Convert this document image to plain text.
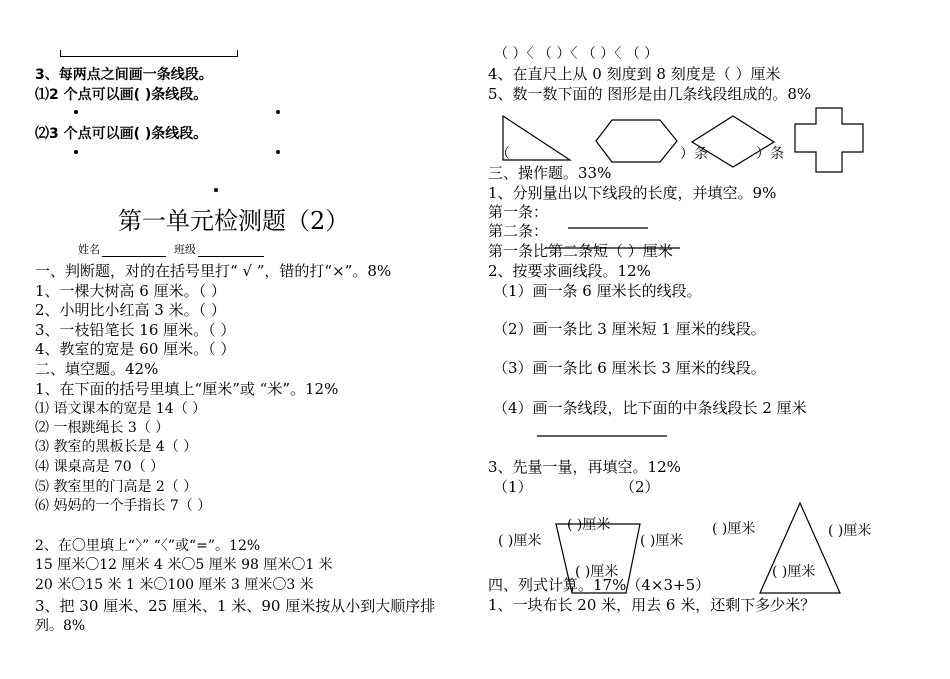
3、每两点之间画一条线段。
⑴2 个点可以画( )条线段。
⑵3 个点可以画( )条线段。
第一单元检测题（2）
姓名	班级
一、判断题，对的在括号里打“ √ ”，错的打“×”。8%
1、一棵大树高 6 厘米。（ ）
2、小明比小红高 3 米。（ ）
3、一枝铅笔长 16 厘米。（ ）
4、教室的宽是 60 厘米。（ ）
二、填空题。42%
1、在下面的括号里填上“厘米”或 “米”。12%
⑴ 语文课本的宽是 14（ ）
⑵ 一根跳绳长 3（ ）
⑶ 教室的黑板长是 4（ ）
⑷ 课桌高是 70（ ）
⑸ 教室里的门高是 2（ ）
⑹ 妈妈的一个手指长 7（ ）
2、在〇里填上“〉” “〈”或“=”。12%
15 厘米〇12 厘米 4 米〇5 厘米 98 厘米〇1 米
20 米〇15 米 1 米〇100 厘米 3 厘米〇3 米
3、把 30 厘米、25 厘米、1 米、90 厘米按从小到大顺序排
列。8%
（ ）〈 （ ）〈 （ ）〈 （ ）
4、在直尺上从 0 刻度到 8 刻度是（ ）厘米
5、数一数下面的 图形是由几条线段组成的。8%
（	）条	）条
三、操作题。33%
1、分别量出以下线段的长度，并填空。9%
第一条：
第二条：
第一条比第二条短（ ）厘米
2、按要求画线段。12%
（1）画一条 6 厘米长的线段。
（2）画一条比 3 厘米短 1 厘米的线段。
（3）画一条比 6 厘米长 3 厘米的线段。
（4）画一条线段，比下面的中条线段长 2 厘米
3、先量一量，再填空。12%
（1）	（2）
( )厘米
( )厘米
( )厘米
( )厘米
( )厘米	( )厘米
( )厘米
四、列式计算。17%（4×3+5）
1、一块布长 20 米，用去 6 米，还剩下多少米？
